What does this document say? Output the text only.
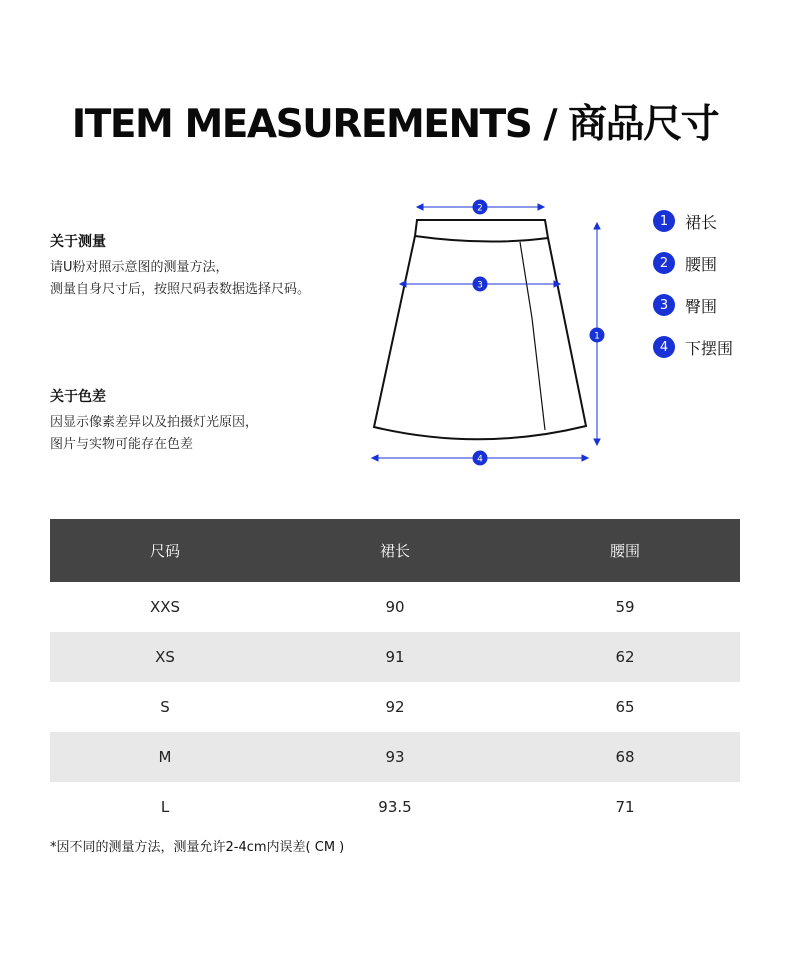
ITEM MEASUREMENTS / 商品尺寸

关于测量

请U粉对照示意图的测量方法，
测量自身尺寸后，按照尺码表数据选择尺码。

关于色差

因显示像素差异以及拍摄灯光原因，
图片与实物可能存在色差

2
3
4
1
1	裙长
2	腰围
3	臀围
4	下摆围
尺码	裙长	腰围
XXS	90	59
XS	91	62
S	92	65
M	93	68
L	93.5	71
*因不同的测量方法，测量允许2-4cm内误差( CM )
